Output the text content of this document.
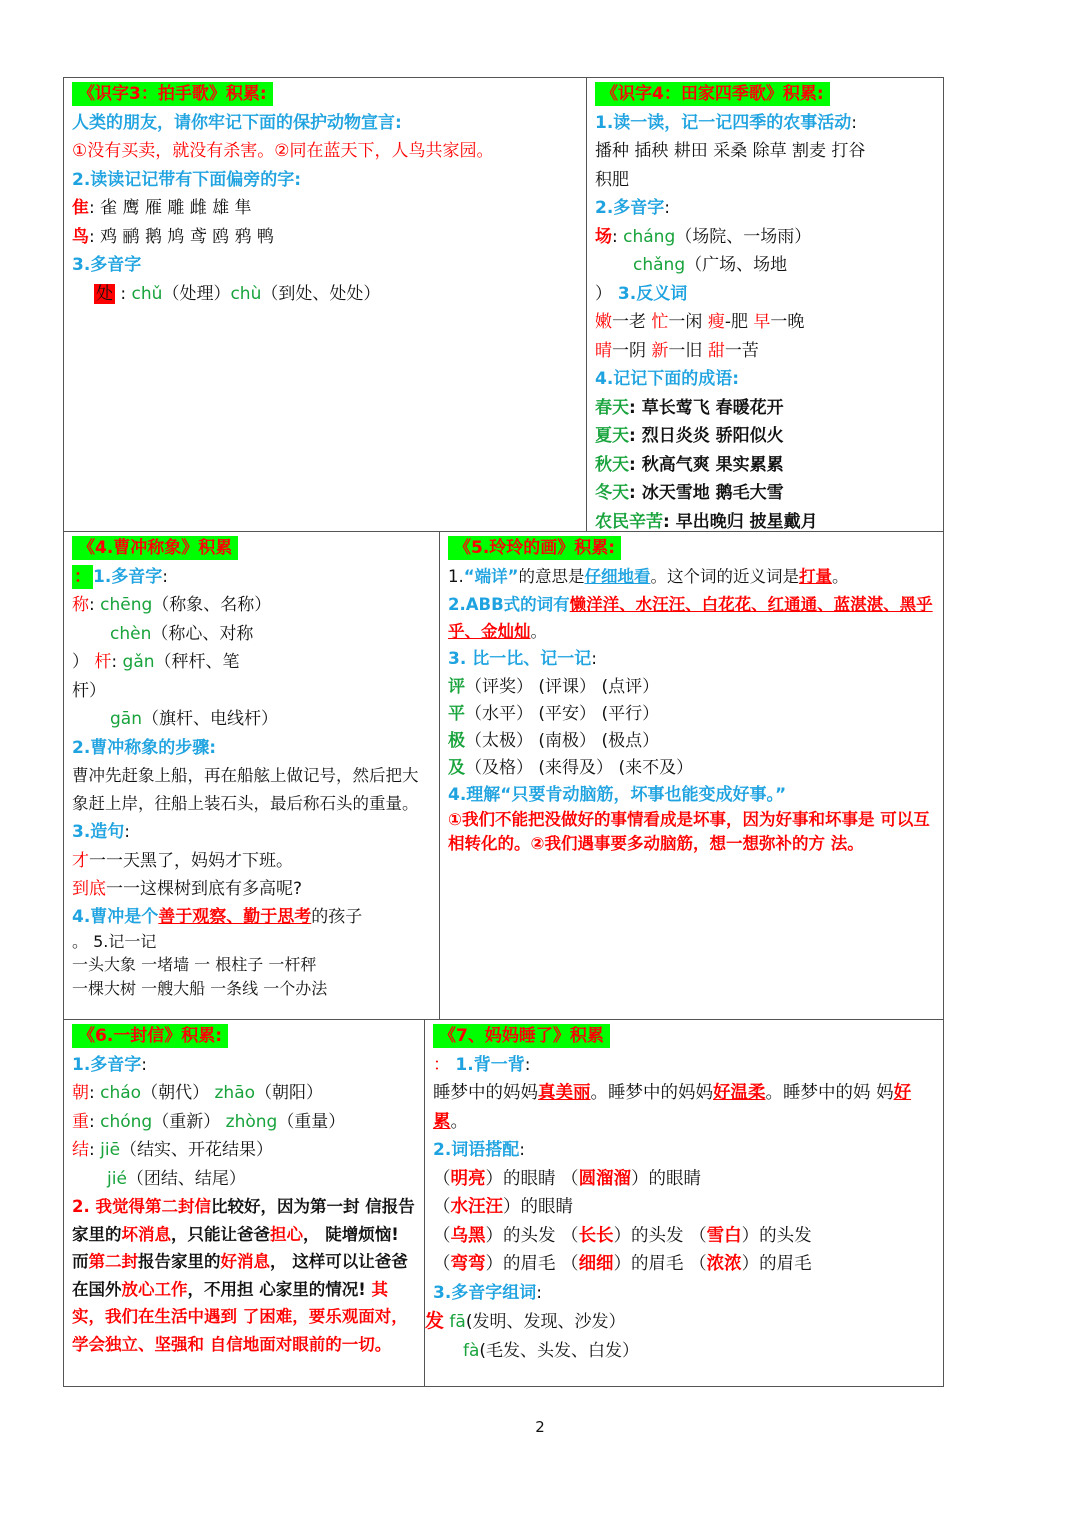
《识字3：拍手歌》积累:
人类的朋友，请你牢记下面的保护动物宣言:
①没有买卖，就没有杀害。②同在蓝天下，人鸟共家园。
2.读读记记带有下面偏旁的字:
隹: 雀 鹰 雁 雕 雌 雄 隼
鸟: 鸡 鹂 鹅 鸠 鸢 鸥 鸦 鸭
3.多音字
处 : chǔ（处理）chù（到处、处处）
《识字4：田家四季歌》积累:
1.读一读，记一记四季的农事活动:
播种 插秧 耕田 采桑 除草 割麦 打谷
积肥
2.多音字:
场: cháng（场院、一场雨）
chǎng（广场、场地
） 3.反义词
嫩一老 忙一闲 瘦-肥 早一晚
晴一阴 新一旧 甜一苦
4.记记下面的成语:
春天: 草长莺飞 春暖花开
夏天: 烈日炎炎 骄阳似火
秋天: 秋高气爽 果实累累
冬天: 冰天雪地 鹅毛大雪
农民辛苦: 早出晚归 披星戴月
《4.曹冲称象》积累
： 1.多音字:
称: chēng（称象、名称）
chèn（称心、对称
） 杆: gǎn（秤杆、笔
杆）
gān（旗杆、电线杆）
2.曹冲称象的步骤:
曹冲先赶象上船，再在船舷上做记号，然后把大象赶上岸，往船上装石头，最后称石头的重量。
3.造句:
才一一天黑了，妈妈才下班。
到底一一这棵树到底有多高呢?
4.曹冲是个善于观察、勤于思考的孩子
。 5.记一记
一头大象 一堵墙 一 根柱子 一杆秤
一棵大树 一艘大船 一条线 一个办法
《5.玲玲的画》积累:
1.“端详”的意思是仔细地看。这个词的近义词是打量。
2.ABB式的词有懒洋洋、水汪汪、白花花、红通通、蓝湛湛、黑乎乎、金灿灿。
3. 比一比、记一记:
评（评奖） (评课） (点评）
平（水平） (平安） (平行）
极（太极） (南极） (极点）
及（及格） (来得及） (来不及）
4.理解“只要肯动脑筋，坏事也能变成好事。”
①我们不能把没做好的事情看成是坏事，因为好事和坏事是 可以互相转化的。②我们遇事要多动脑筋，想一想弥补的方 法。
《6.一封信》积累:
1.多音字:
朝: cháo（朝代） zhāo（朝阳）
重: chóng（重新） zhòng（重量）
结: jiē（结实、开花结果）
jié（团结、结尾）
2. 我觉得第二封信比较好，因为第一封 信报告家里的坏消息，只能让爸爸担心， 陡增烦恼! 而第二封报告家里的好消息， 这样可以让爸爸在国外放心工作，不用担 心家里的情况! 其实，我们在生活中遇到 了困难，要乐观面对，学会独立、坚强和 自信地面对眼前的一切。
《7、妈妈睡了》积累
： 1.背一背:
睡梦中的妈妈真美丽。睡梦中的妈妈好温柔。睡梦中的妈 妈好累。
2.词语搭配:
（明亮）的眼睛 （圆溜溜）的眼睛
（水汪汪）的眼睛
（乌黑）的头发 （长长）的头发 （雪白）的头发
（弯弯）的眉毛 （细细）的眉毛 （浓浓）的眉毛
3.多音字组词:
发 fā(发明、发现、沙发）
fà(毛发、头发、白发）
2
